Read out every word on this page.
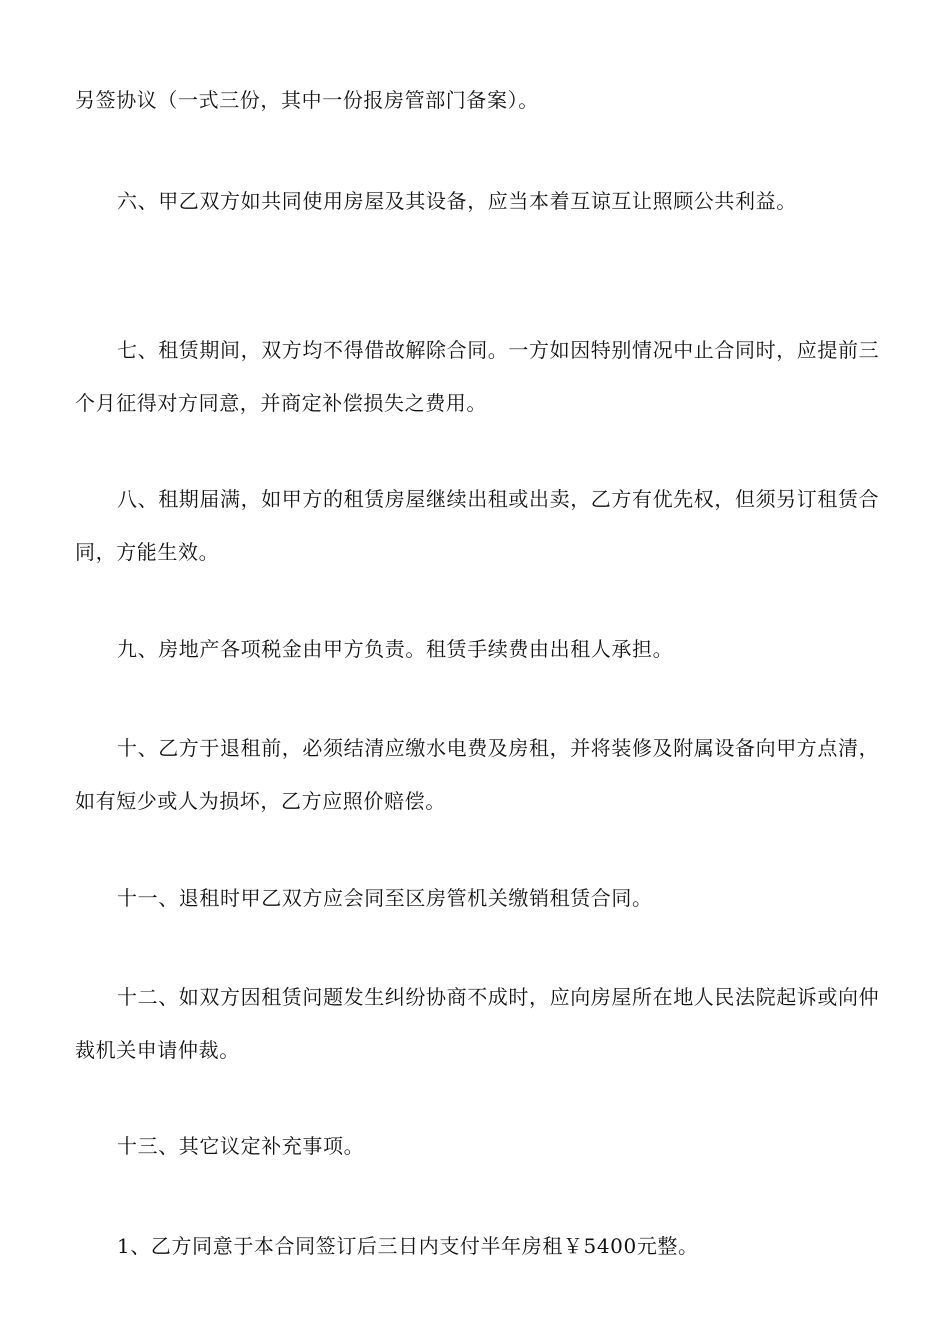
另签协议（一式三份，其中一份报房管部门备案）。

六、甲乙双方如共同使用房屋及其设备，应当本着互谅互让照顾公共利益。

七、租赁期间，双方均不得借故解除合同。一方如因特别情况中止合同时，应提前三个月征得对方同意，并商定补偿损失之费用。

八、租期届满，如甲方的租赁房屋继续出租或出卖，乙方有优先权，但须另订租赁合同，方能生效。

九、房地产各项税金由甲方负责。租赁手续费由出租人承担。

十、乙方于退租前，必须结清应缴水电费及房租，并将装修及附属设备向甲方点清，如有短少或人为损坏，乙方应照价赔偿。

十一、退租时甲乙双方应会同至区房管机关缴销租赁合同。

十二、如双方因租赁问题发生纠纷协商不成时，应向房屋所在地人民法院起诉或向仲裁机关申请仲裁。

十三、其它议定补充事项。

1、乙方同意于本合同签订后三日内支付半年房租￥5400元整。
